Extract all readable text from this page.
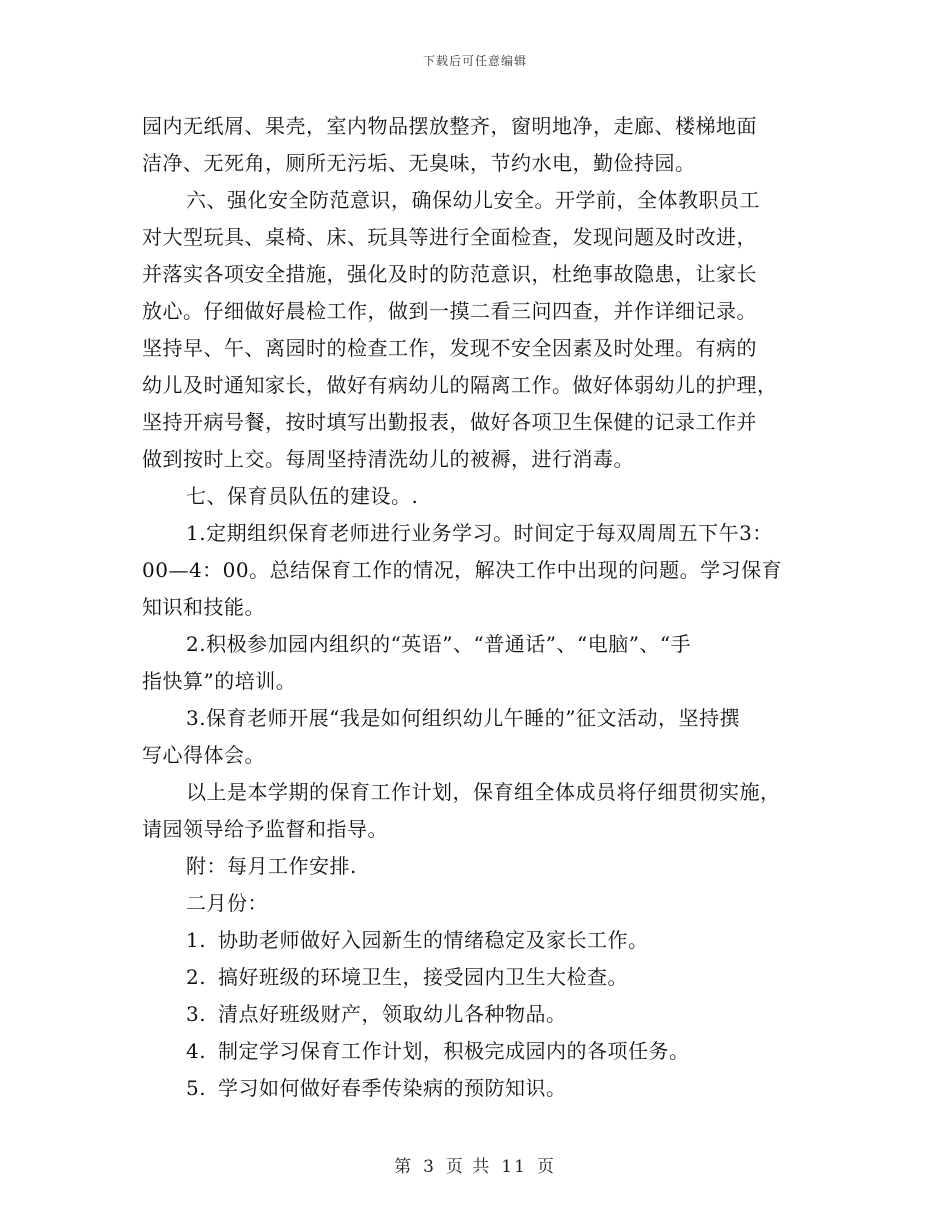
下载后可任意编辑
园内无纸屑、果壳，室内物品摆放整齐，窗明地净，走廊、楼梯地面
洁净、无死角，厕所无污垢、无臭味，节约水电，勤俭持园。
六、强化安全防范意识，确保幼儿安全。开学前，全体教职员工
对大型玩具、桌椅、床、玩具等进行全面检查，发现问题及时改进，
并落实各项安全措施，强化及时的防范意识，杜绝事故隐患，让家长
放心。仔细做好晨检工作，做到一摸二看三问四查，并作详细记录。
坚持早、午、离园时的检查工作，发现不安全因素及时处理。有病的
幼儿及时通知家长，做好有病幼儿的隔离工作。做好体弱幼儿的护理，
坚持开病号餐，按时填写出勤报表，做好各项卫生保健的记录工作并
做到按时上交。每周坚持清洗幼儿的被褥，进行消毒。
七、保育员队伍的建设。.
1.定期组织保育老师进行业务学习。时间定于每双周周五下午3：
00—4：00。总结保育工作的情况，解决工作中出现的问题。学习保育
知识和技能。
2.积极参加园内组织的“英语”、“普通话”、“电脑”、“手
指快算”的培训。
3.保育老师开展“我是如何组织幼儿午睡的”征文活动，坚持撰
写心得体会。
以上是本学期的保育工作计划，保育组全体成员将仔细贯彻实施，
请园领导给予监督和指导。
附：每月工作安排.
二月份：
1. 协助老师做好入园新生的情绪稳定及家长工作。
2. 搞好班级的环境卫生，接受园内卫生大检查。
3. 清点好班级财产，领取幼儿各种物品。
4. 制定学习保育工作计划，积极完成园内的各项任务。
5. 学习如何做好春季传染病的预防知识。
第 3 页 共 11 页
